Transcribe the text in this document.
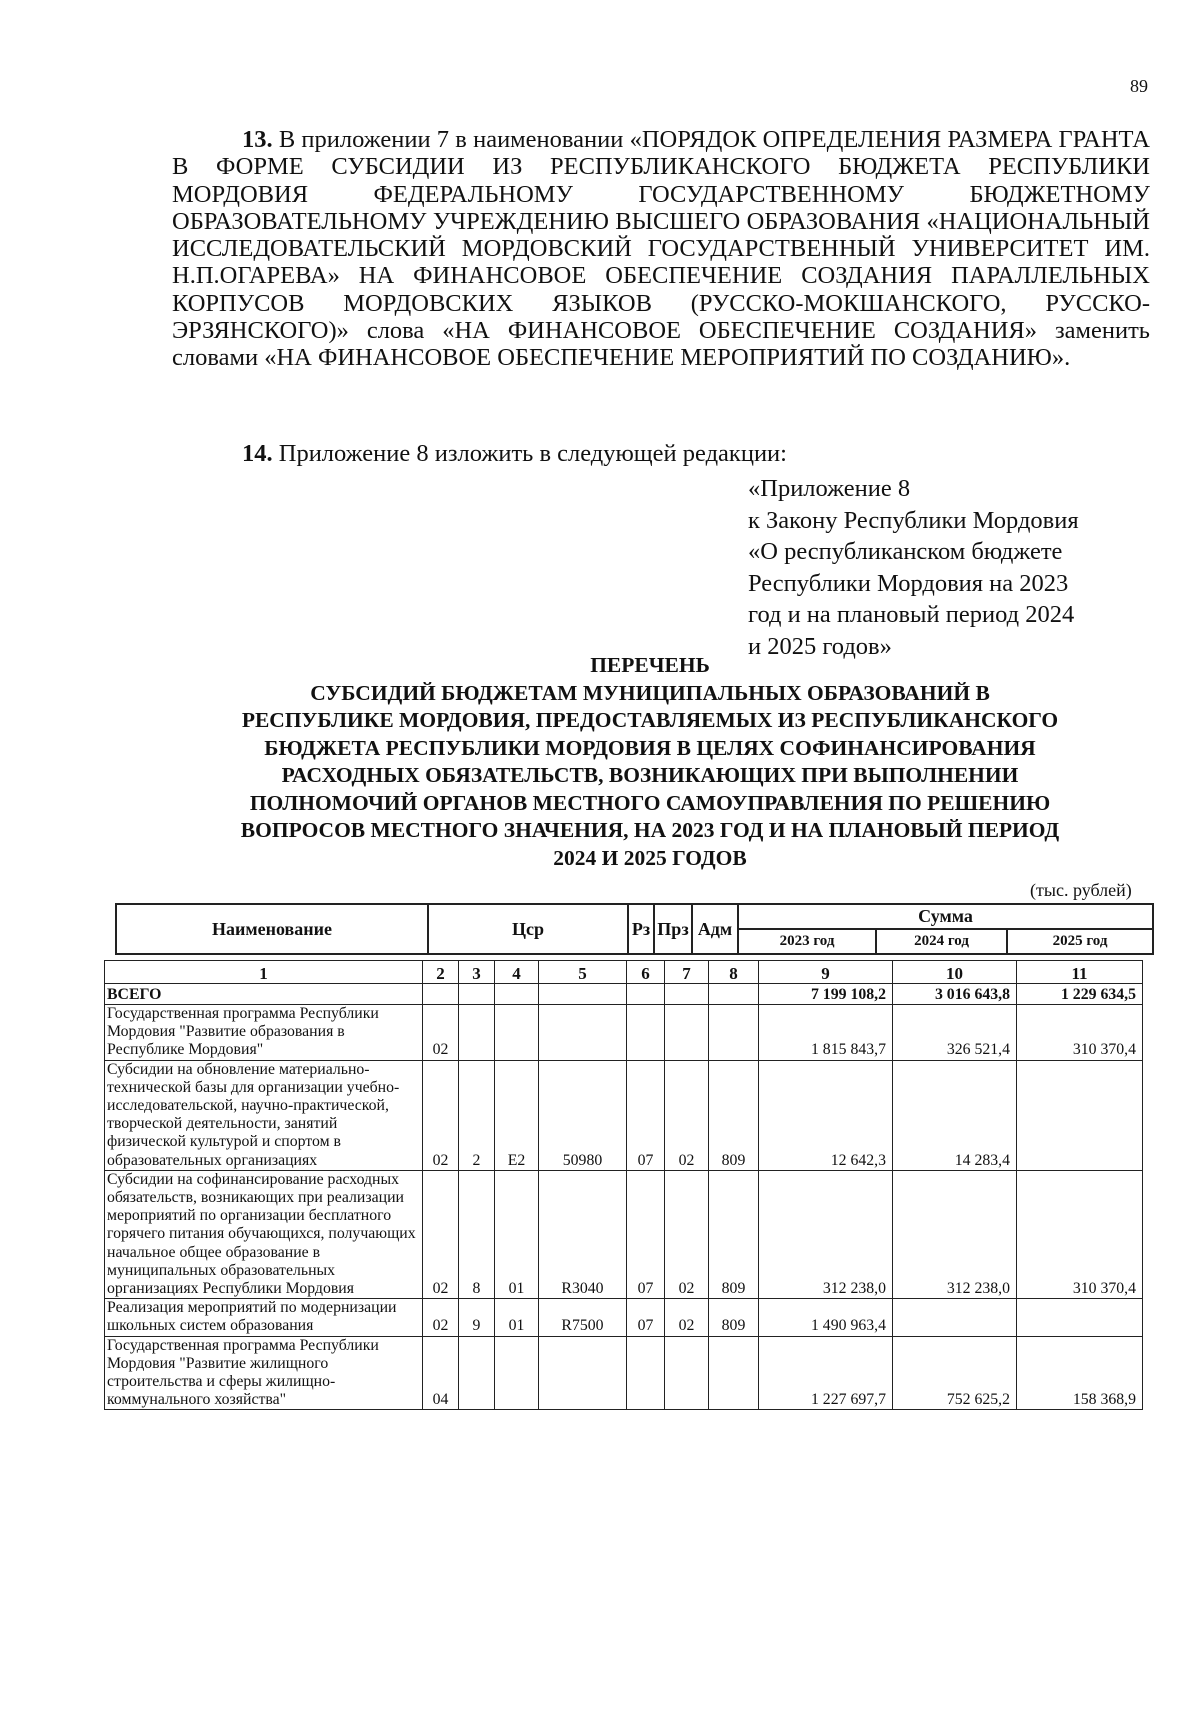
89
13. В приложении 7 в наименовании «ПОРЯДОК ОПРЕДЕЛЕНИЯ РАЗМЕРА ГРАНТА В ФОРМЕ СУБСИДИИ ИЗ РЕСПУБЛИКАНСКОГО БЮДЖЕТА РЕСПУБЛИКИ МОРДОВИЯ ФЕДЕРАЛЬНОМУ ГОСУДАРСТВЕННОМУ БЮДЖЕТНОМУ ОБРАЗОВАТЕЛЬНОМУ УЧРЕЖДЕНИЮ ВЫСШЕГО ОБРАЗОВАНИЯ «НАЦИОНАЛЬНЫЙ ИССЛЕДОВАТЕЛЬСКИЙ МОРДОВСКИЙ ГОСУДАРСТВЕННЫЙ УНИВЕРСИТЕТ ИМ. Н.П.ОГАРЕВА» НА ФИНАНСОВОЕ ОБЕСПЕЧЕНИЕ СОЗДАНИЯ ПАРАЛЛЕЛЬНЫХ КОРПУСОВ МОРДОВСКИХ ЯЗЫКОВ (РУССКО-МОКШАНСКОГО, РУССКО-ЭРЗЯНСКОГО)» слова «НА ФИНАНСОВОЕ ОБЕСПЕЧЕНИЕ СОЗДАНИЯ» заменить словами «НА ФИНАНСОВОЕ ОБЕСПЕЧЕНИЕ МЕРОПРИЯТИЙ ПО СОЗДАНИЮ».
14. Приложение 8 изложить в следующей редакции:
«Приложение 8
к Закону Республики Мордовия
«О республиканском бюджете
Республики Мордовия на 2023
год и на плановый период 2024
и 2025 годов»
ПЕРЕЧЕНЬ
СУБСИДИЙ БЮДЖЕТАМ МУНИЦИПАЛЬНЫХ ОБРАЗОВАНИЙ В
РЕСПУБЛИКЕ МОРДОВИЯ, ПРЕДОСТАВЛЯЕМЫХ ИЗ РЕСПУБЛИКАНСКОГО
БЮДЖЕТА РЕСПУБЛИКИ МОРДОВИЯ В ЦЕЛЯХ СОФИНАНСИРОВАНИЯ
РАСХОДНЫХ ОБЯЗАТЕЛЬСТВ, ВОЗНИКАЮЩИХ ПРИ ВЫПОЛНЕНИИ
ПОЛНОМОЧИЙ ОРГАНОВ МЕСТНОГО САМОУПРАВЛЕНИЯ ПО РЕШЕНИЮ
ВОПРОСОВ МЕСТНОГО ЗНАЧЕНИЯ, НА 2023 ГОД И НА ПЛАНОВЫЙ ПЕРИОД
2024 И 2025 ГОДОВ
(тыс. рублей)
Наименование	Цср	Рз	Прз	Адм	Сумма		
					2023 год	2024 год	2025 год
1	2	3	4	5	6	7	8	9	10	11
ВСЕГО								7 199 108,2	3 016 643,8	1 229 634,5
Государственная программа Республики Мордовия "Развитие образования в Республике Мордовия"	02							1 815 843,7	326 521,4	310 370,4
Субсидии на обновление материально-технической базы для организации учебно-исследовательской, научно-практической, творческой деятельности, занятий физической культурой и спортом в образовательных организациях	02	2	Е2	50980	07	02	809	12 642,3	14 283,4	
Субсидии на софинансирование расходных обязательств, возникающих при реализации мероприятий по организации бесплатного горячего питания обучающихся, получающих начальное общее образование в муниципальных образовательных организациях Республики Мордовия	02	8	01	R3040	07	02	809	312 238,0	312 238,0	310 370,4
Реализация мероприятий по модернизации школьных систем образования	02	9	01	R7500	07	02	809	1 490 963,4		
Государственная программа Республики Мордовия "Развитие жилищного строительства и сферы жилищно-коммунального хозяйства"	04							1 227 697,7	752 625,2	158 368,9
